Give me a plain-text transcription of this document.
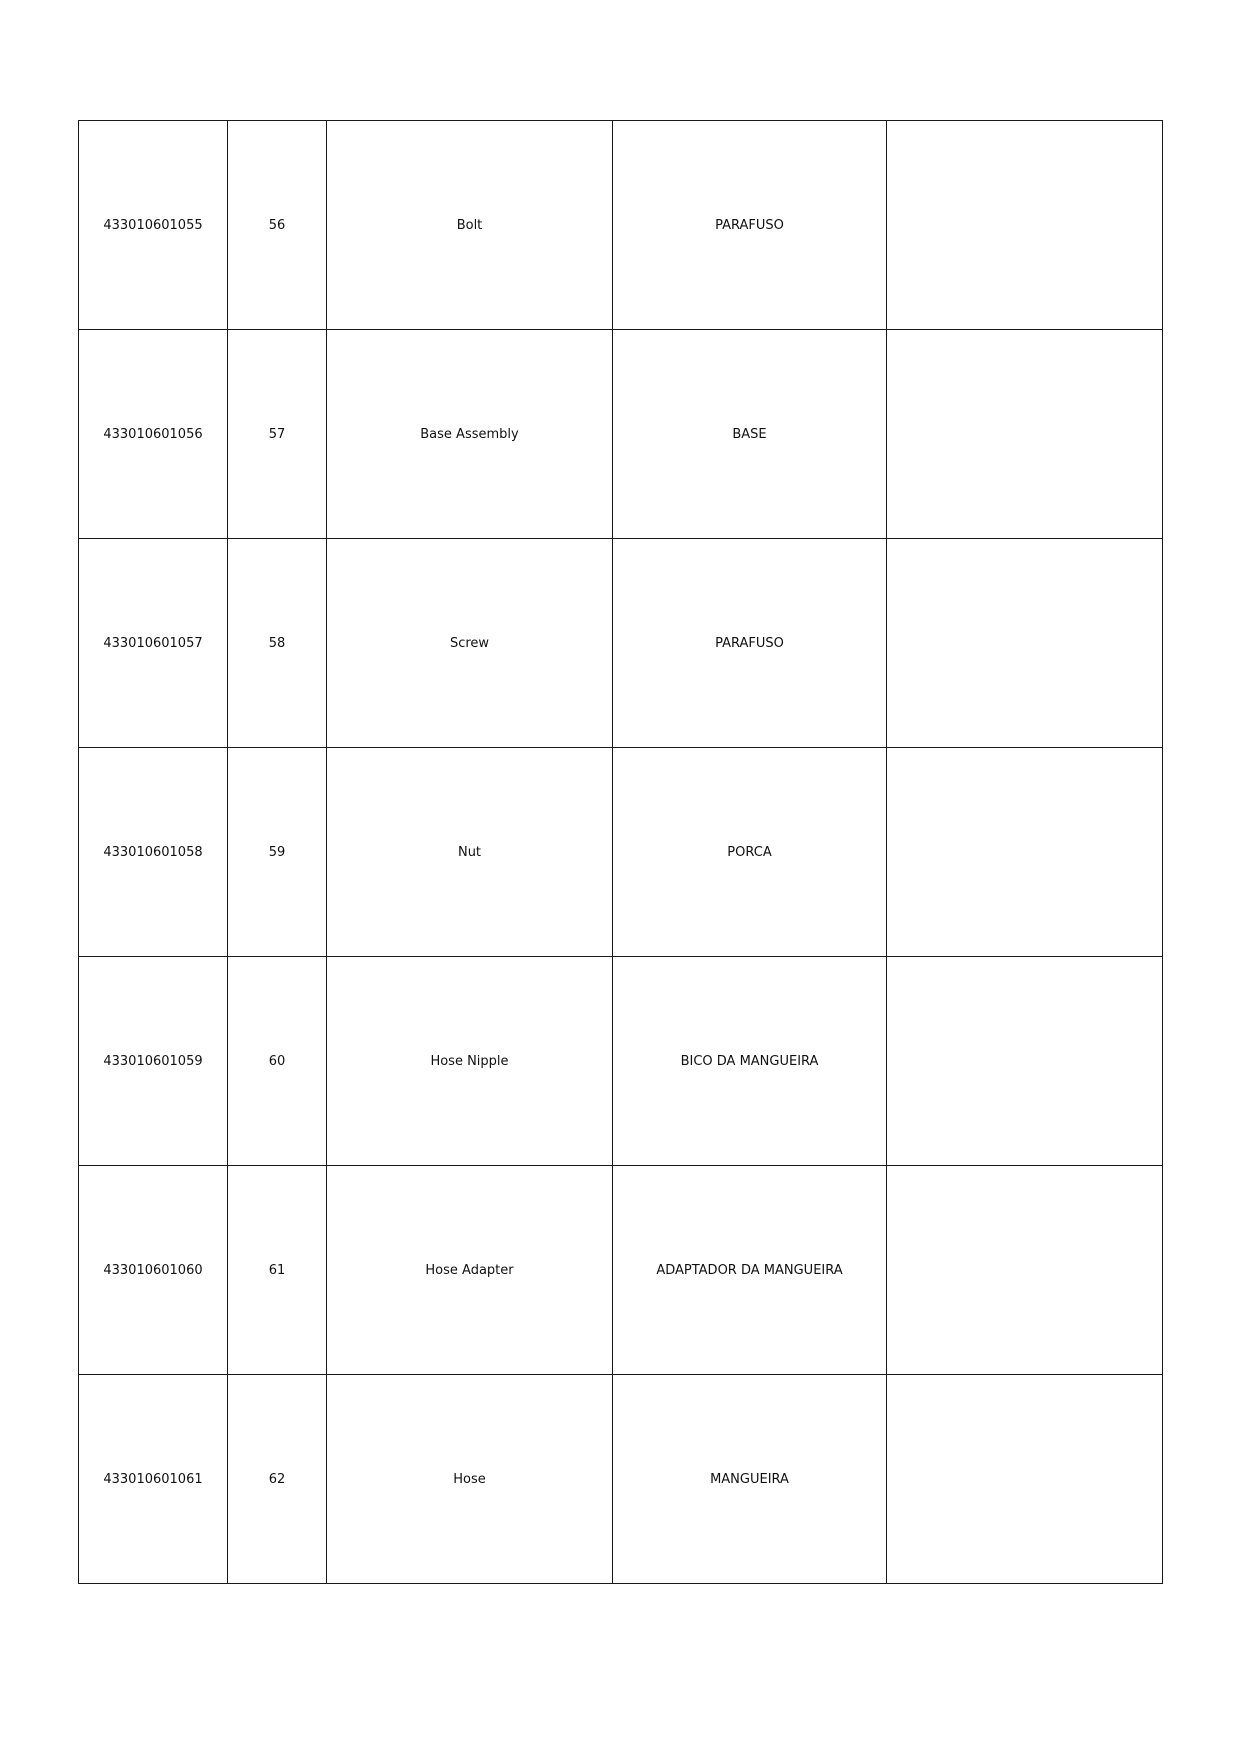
433010601055	56	Bolt	PARAFUSO	
433010601056	57	Base Assembly	BASE	
433010601057	58	Screw	PARAFUSO	
433010601058	59	Nut	PORCA	
433010601059	60	Hose Nipple	BICO DA MANGUEIRA	
433010601060	61	Hose Adapter	ADAPTADOR DA MANGUEIRA	
433010601061	62	Hose	MANGUEIRA	
